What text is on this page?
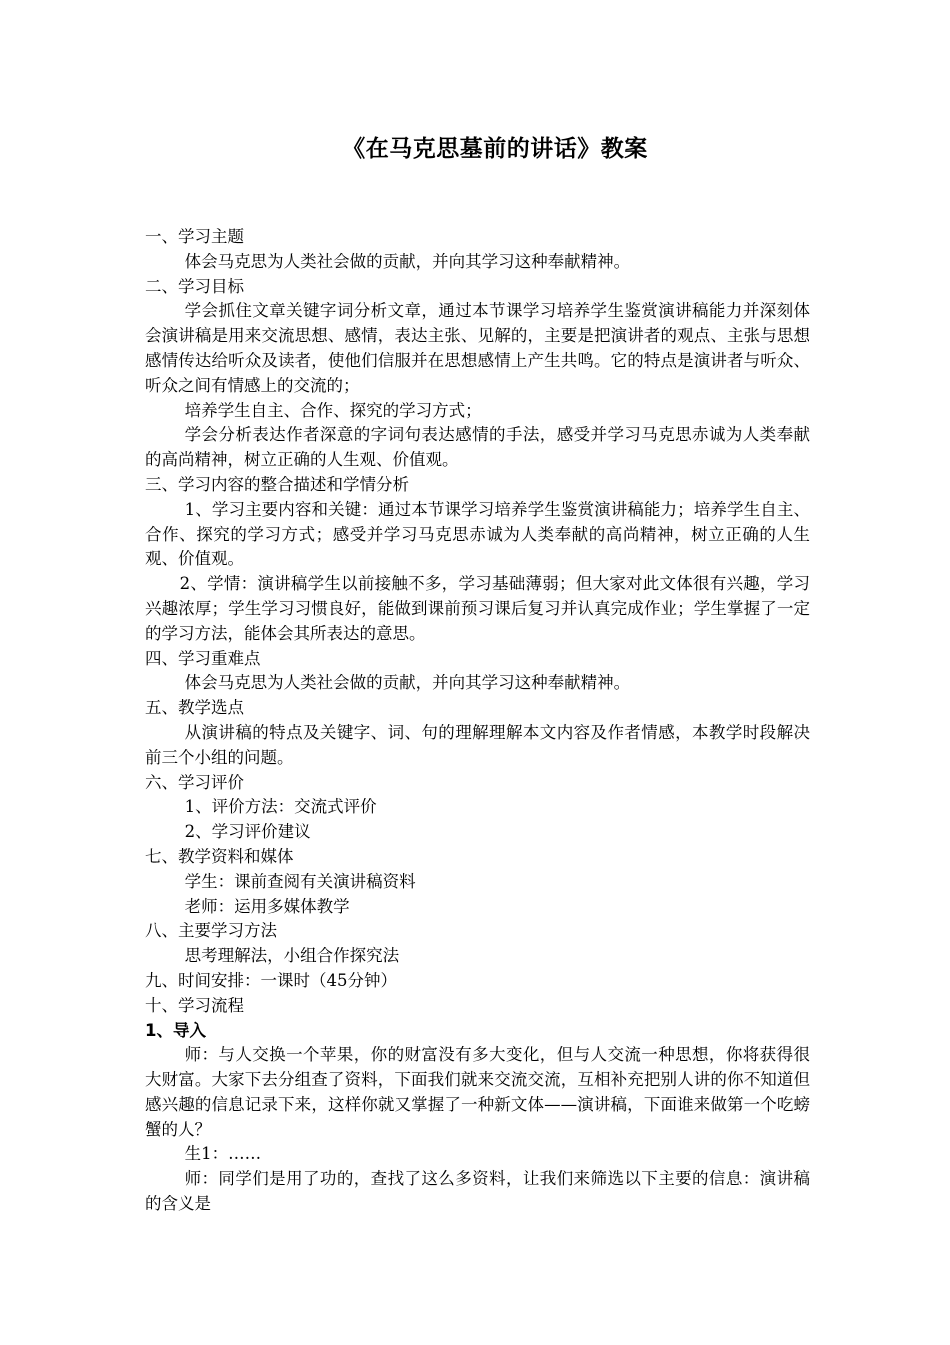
《在马克思墓前的讲话》教案

一、学习主题

体会马克思为人类社会做的贡献，并向其学习这种奉献精神。

二、学习目标

学会抓住文章关键字词分析文章，通过本节课学习培养学生鉴赏演讲稿能力并深刻体会演讲稿是用来交流思想、感情，表达主张、见解的，主要是把演讲者的观点、主张与思想感情传达给听众及读者，使他们信服并在思想感情上产生共鸣。它的特点是演讲者与听众、听众之间有情感上的交流的；

培养学生自主、合作、探究的学习方式；

学会分析表达作者深意的字词句表达感情的手法，感受并学习马克思赤诚为人类奉献的高尚精神，树立正确的人生观、价值观。

三、学习内容的整合描述和学情分析

1、学习主要内容和关键：通过本节课学习培养学生鉴赏演讲稿能力；培养学生自主、合作、探究的学习方式；感受并学习马克思赤诚为人类奉献的高尚精神，树立正确的人生观、价值观。

2、学情：演讲稿学生以前接触不多，学习基础薄弱；但大家对此文体很有兴趣，学习兴趣浓厚；学生学习习惯良好，能做到课前预习课后复习并认真完成作业；学生掌握了一定的学习方法，能体会其所表达的意思。

四、学习重难点

体会马克思为人类社会做的贡献，并向其学习这种奉献精神。

五、教学选点

从演讲稿的特点及关键字、词、句的理解理解本文内容及作者情感，本教学时段解决前三个小组的问题。

六、学习评价

1、评价方法：交流式评价

2、学习评价建议

七、教学资料和媒体

学生：课前查阅有关演讲稿资料

老师：运用多媒体教学

八、主要学习方法

思考理解法，小组合作探究法

九、时间安排：一课时（45分钟）

十、学习流程

1、导入

师：与人交换一个苹果，你的财富没有多大变化，但与人交流一种思想，你将获得很大财富。大家下去分组查了资料，下面我们就来交流交流，互相补充把别人讲的你不知道但感兴趣的信息记录下来，这样你就又掌握了一种新文体——演讲稿，下面谁来做第一个吃螃蟹的人？

生1：……

师：同学们是用了功的，查找了这么多资料，让我们来筛选以下主要的信息：演讲稿的含义是
